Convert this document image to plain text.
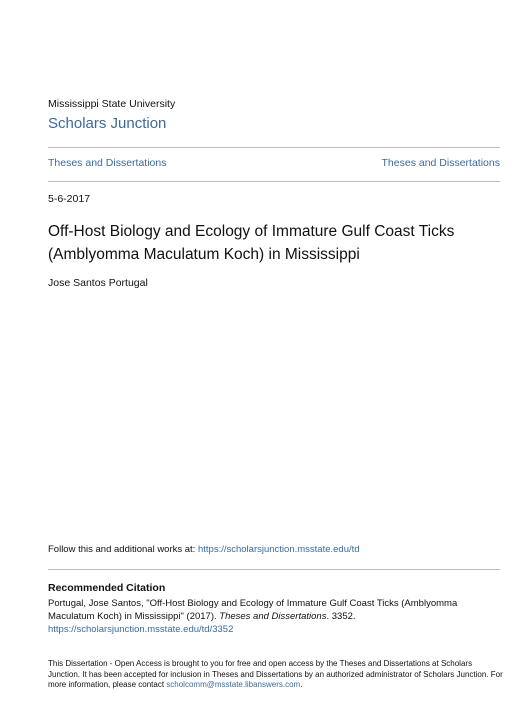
Mississippi State University
Scholars Junction
Theses and Dissertations	Theses and Dissertations
5-6-2017
Off-Host Biology and Ecology of Immature Gulf Coast Ticks
(Amblyomma Maculatum Koch) in Mississippi
Jose Santos Portugal
Follow this and additional works at: https://scholarsjunction.msstate.edu/td
Recommended Citation
Portugal, Jose Santos, "Off-Host Biology and Ecology of Immature Gulf Coast Ticks (Amblyomma Maculatum Koch) in Mississippi" (2017). Theses and Dissertations. 3352.
https://scholarsjunction.msstate.edu/td/3352
This Dissertation - Open Access is brought to you for free and open access by the Theses and Dissertations at Scholars Junction. It has been accepted for inclusion in Theses and Dissertations by an authorized administrator of Scholars Junction. For more information, please contact scholcomm@msstate.libanswers.com.
